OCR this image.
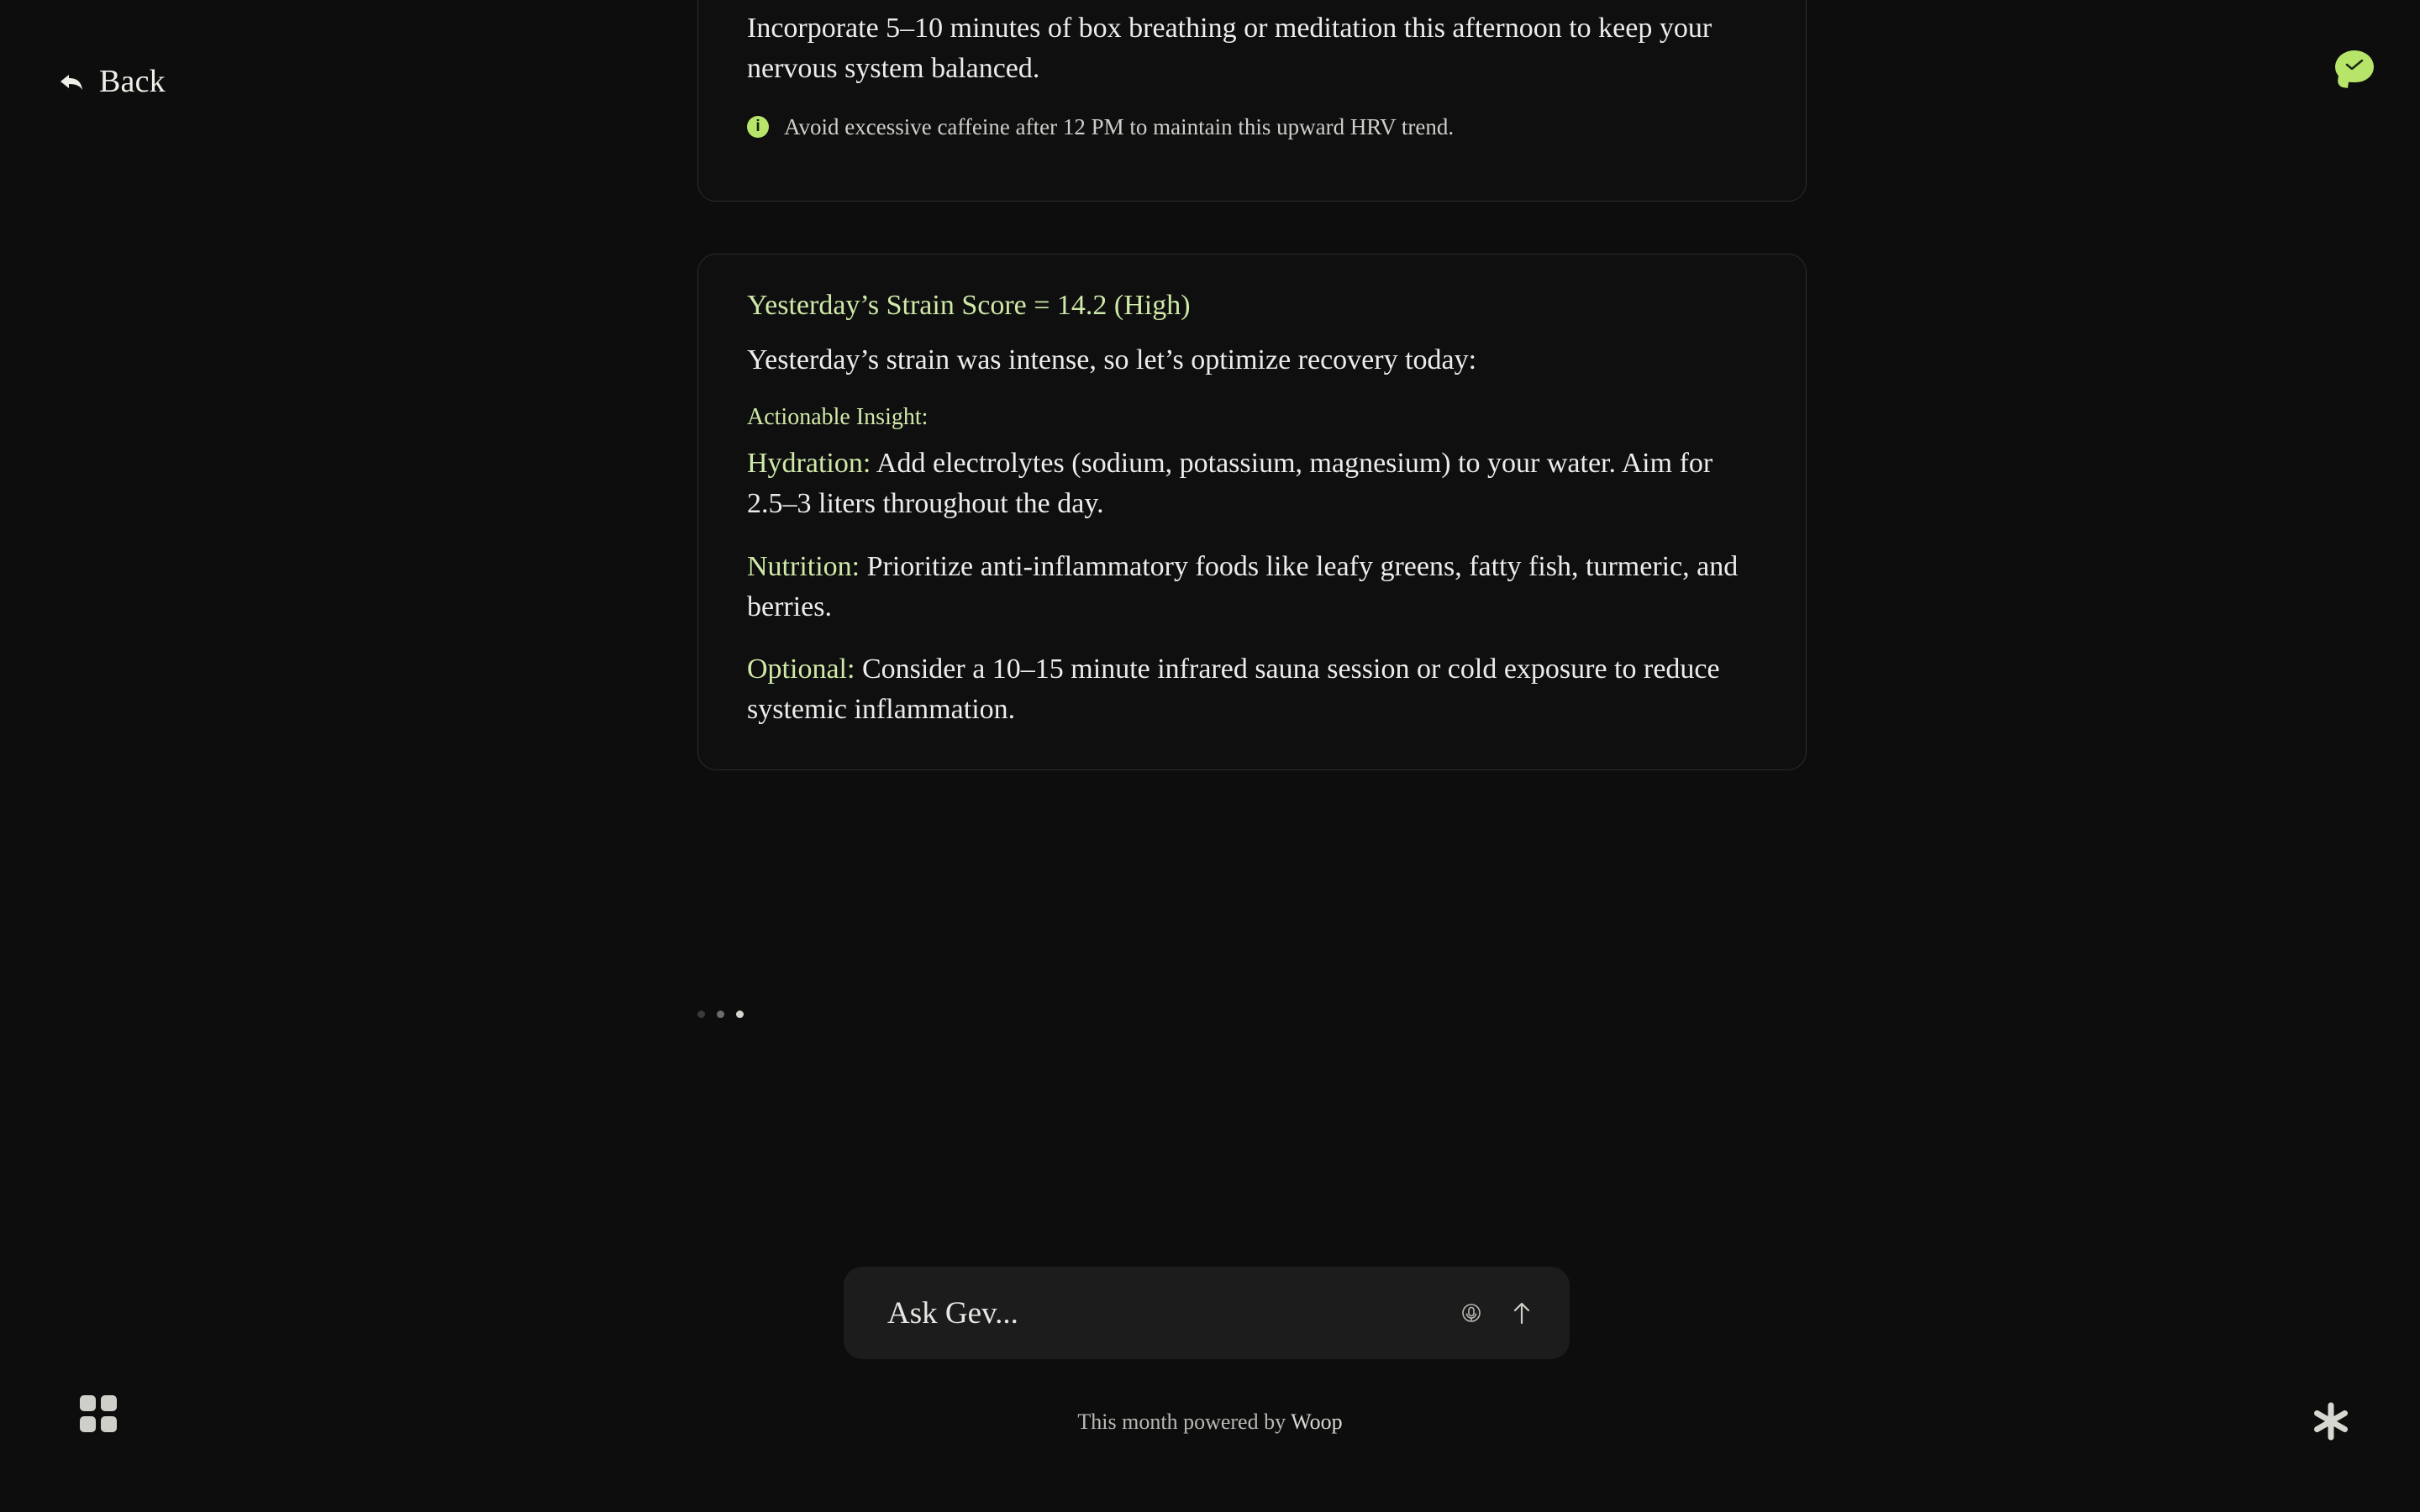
Back

Incorporate 5–10 minutes of box breathing or meditation this afternoon to keep your nervous system balanced.

i	Avoid excessive caffeine after 12 PM to maintain this upward HRV trend.

Yesterday’s Strain Score = 14.2 (High)

Yesterday’s strain was intense, so let’s optimize recovery today:

Actionable Insight:

Hydration: Add electrolytes (sodium, potassium, magnesium) to your water. Aim for 2.5–3 liters throughout the day.

Nutrition: Prioritize anti-inflammatory foods like leafy greens, fatty fish, turmeric, and berries.

Optional: Consider a 10–15 minute infrared sauna session or cold exposure to reduce systemic inflammation.

Ask Gev...
This month powered by Woop
